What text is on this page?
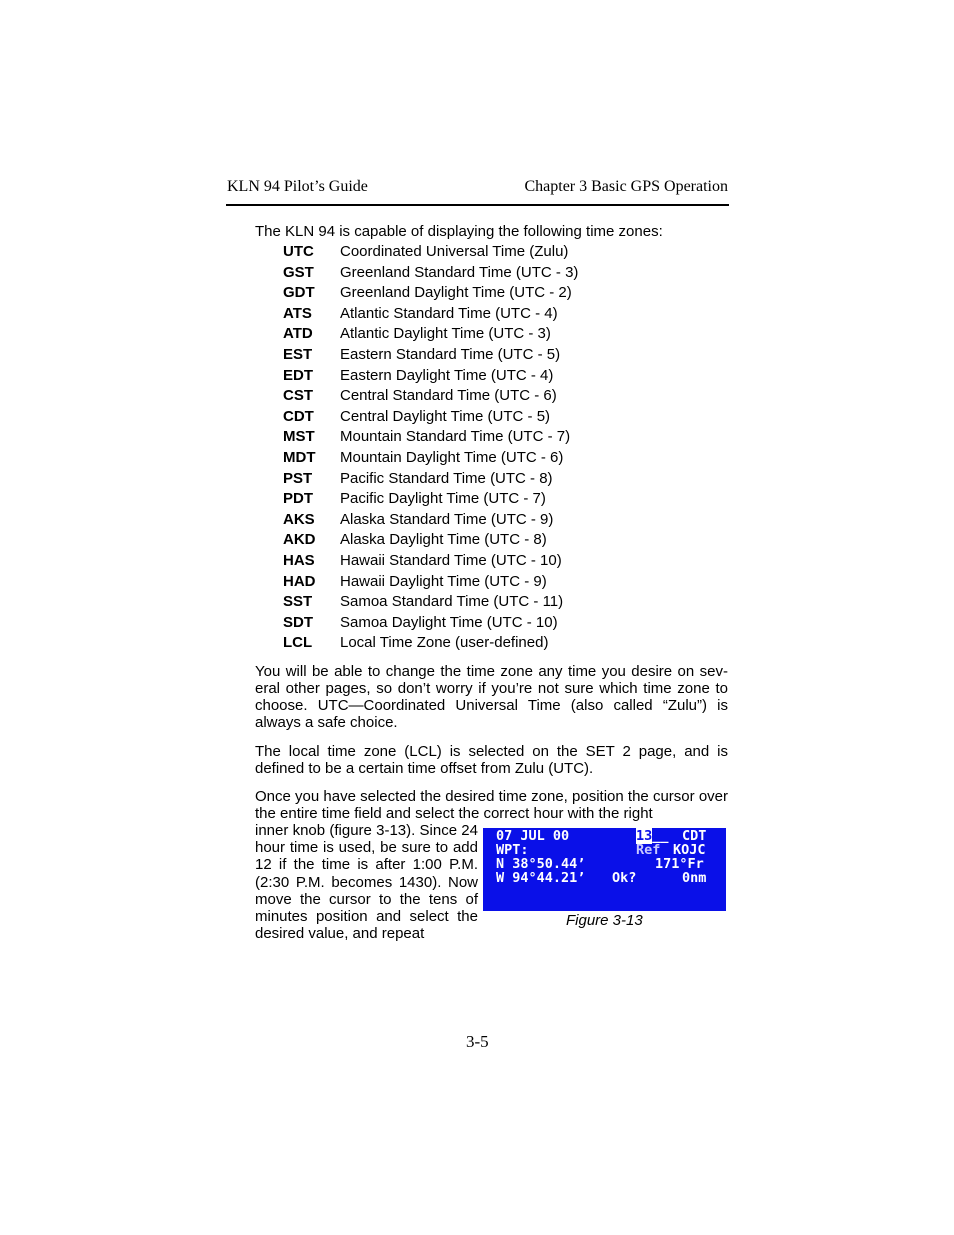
KLN 94 Pilot’s Guide	Chapter 3 Basic GPS Operation
The KLN 94 is capable of displaying the following time zones:
UTC Coordinated Universal Time (Zulu)
GST Greenland Standard Time (UTC - 3)
GDT Greenland Daylight Time (UTC - 2)
ATS Atlantic Standard Time (UTC - 4)
ATD Atlantic Daylight Time (UTC - 3)
EST Eastern Standard Time (UTC - 5)
EDT Eastern Daylight Time (UTC - 4)
CST Central Standard Time (UTC - 6)
CDT Central Daylight Time (UTC - 5)
MST Mountain Standard Time (UTC - 7)
MDT Mountain Daylight Time (UTC - 6)
PST Pacific Standard Time (UTC - 8)
PDT Pacific Daylight Time (UTC - 7)
AKS Alaska Standard Time (UTC - 9)
AKD Alaska Daylight Time (UTC - 8)
HAS Hawaii Standard Time (UTC - 10)
HAD Hawaii Daylight Time (UTC - 9)
SST Samoa Standard Time (UTC - 11)
SDT Samoa Daylight Time (UTC - 10)
LCL Local Time Zone (user-defined)
You will be able to change the time zone any time you desire on sev-eral other pages, so don’t worry if you’re not sure which time zone to choose. UTC—Coordinated Universal Time (also called “Zulu”) is always a safe choice.
The local time zone (LCL) is selected on the SET 2 page, and is defined to be a certain time offset from Zulu (UTC).
Once you have selected the desired time zone, position the cursor over the entire time field and select the correct hour with the right
inner knob (figure 3-13). Since 24 hour time is used, be sure to add 12 if the time is after 1:00 P.M. (2:30 P.M. becomes 1430). Now move the cursor to the tens of minutes position and select the desired value, and repeat
07 JUL 00	13__ CDT
WPT:	Ref KOJC
N 38°50.44’	171°Fr
W 94°44.21’ Ok?	0nm
Figure 3-13
3-5
